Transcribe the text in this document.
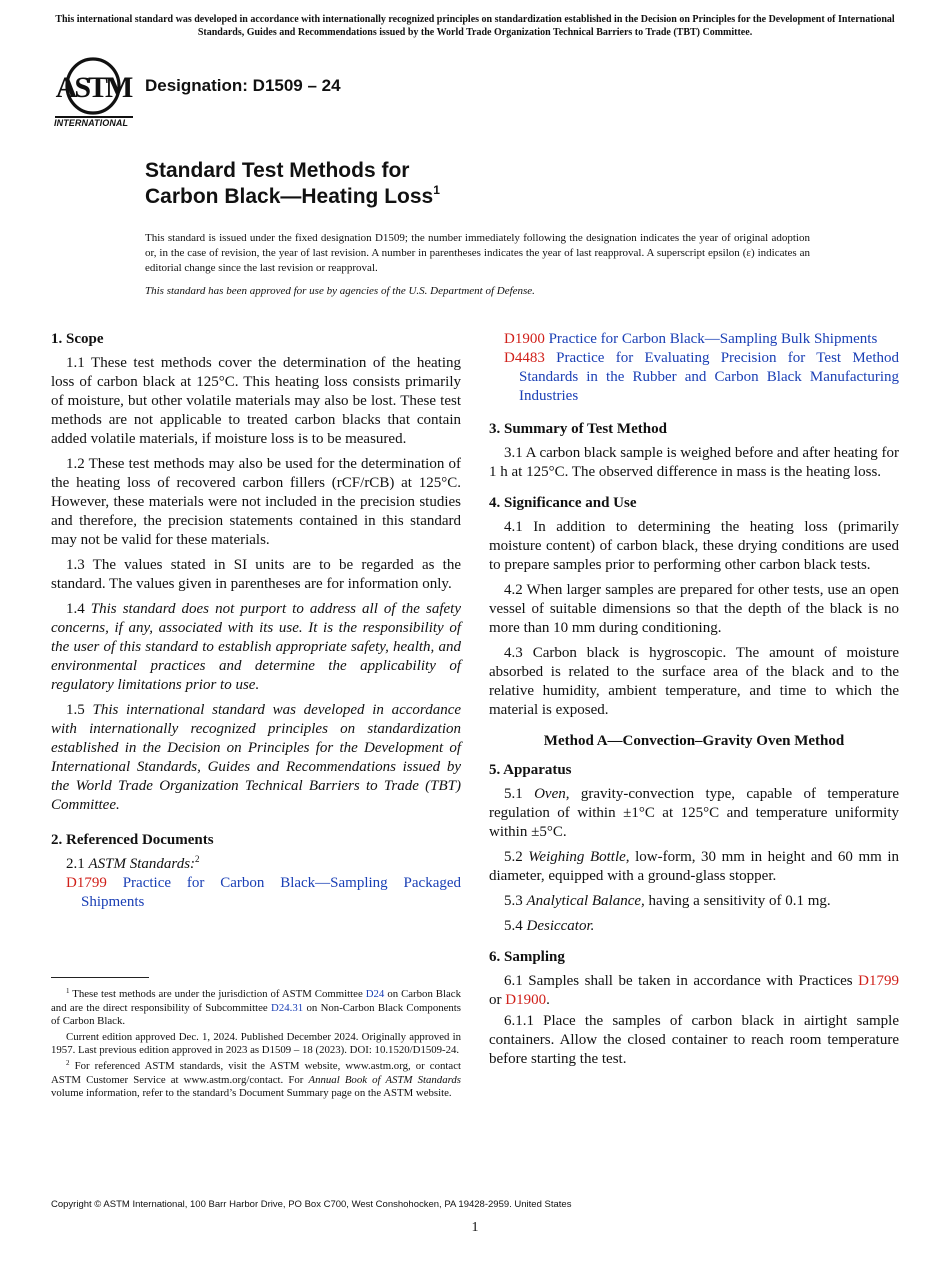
This international standard was developed in accordance with internationally recognized principles on standardization established in the Decision on Principles for the Development of International Standards, Guides and Recommendations issued by the World Trade Organization Technical Barriers to Trade (TBT) Committee.
ASTM
INTERNATIONAL
Designation: D1509 – 24
Standard Test Methods for
Carbon Black—Heating Loss$^1$
This standard is issued under the fixed designation D1509; the number immediately following the designation indicates the year of original adoption or, in the case of revision, the year of last revision. A number in parentheses indicates the year of last reapproval. A superscript epsilon (ε) indicates an editorial change since the last revision or reapproval.
This standard has been approved for use by agencies of the U.S. Department of Defense.
1. Scope

1.1 These test methods cover the determination of the heating loss of carbon black at 125°C. This heating loss consists primarily of moisture, but other volatile materials may also be lost. These test methods are not applicable to treated carbon blacks that contain added volatile materials, if moisture loss is to be measured.

1.2 These test methods may also be used for the determination of the heating loss of recovered carbon fillers (rCF/rCB) at 125°C. However, these materials were not included in the precision studies and therefore, the precision statements contained in this standard may not be valid for these materials.

1.3 The values stated in SI units are to be regarded as the standard. The values given in parentheses are for information only.

1.4 This standard does not purport to address all of the safety concerns, if any, associated with its use. It is the responsibility of the user of this standard to establish appropriate safety, health, and environmental practices and determine the applicability of regulatory limitations prior to use.

1.5 This international standard was developed in accordance with internationally recognized principles on standardization established in the Decision on Principles for the Development of International Standards, Guides and Recommendations issued by the World Trade Organization Technical Barriers to Trade (TBT) Committee.

2. Referenced Documents

2.1 ASTM Standards:$^2$

D1799 Practice for Carbon Black—Sampling Packaged Shipments
D1900 Practice for Carbon Black—Sampling Bulk Shipments
D4483 Practice for Evaluating Precision for Test Method Standards in the Rubber and Carbon Black Manufacturing Industries
3. Summary of Test Method

3.1 A carbon black sample is weighed before and after heating for 1 h at 125°C. The observed difference in mass is the heating loss.

4. Significance and Use

4.1 In addition to determining the heating loss (primarily moisture content) of carbon black, these drying conditions are used to prepare samples prior to performing other carbon black tests.

4.2 When larger samples are prepared for other tests, use an open vessel of suitable dimensions so that the depth of the black is no more than 10 mm during conditioning.

4.3 Carbon black is hygroscopic. The amount of moisture absorbed is related to the surface area of the black and to the relative humidity, ambient temperature, and time to which the material is exposed.

Method A—Convection–Gravity Oven Method
5. Apparatus

5.1 Oven, gravity-convection type, capable of temperature regulation of within ±1°C at 125°C and temperature uniformity within ±5°C.

5.2 Weighing Bottle, low-form, 30 mm in height and 60 mm in diameter, equipped with a ground-glass stopper.

5.3 Analytical Balance, having a sensitivity of 0.1 mg.

5.4 Desiccator.

6. Sampling

6.1 Samples shall be taken in accordance with Practices D1799 or D1900.

6.1.1 Place the samples of carbon black in airtight sample containers. Allow the closed container to reach room temperature before starting the test.

$^1$ These test methods are under the jurisdiction of ASTM Committee D24 on Carbon Black and are the direct responsibility of Subcommittee D24.31 on Non-Carbon Black Components of Carbon Black.

Current edition approved Dec. 1, 2024. Published December 2024. Originally approved in 1957. Last previous edition approved in 2023 as D1509 – 18 (2023). DOI: 10.1520/D1509-24.

$^2$ For referenced ASTM standards, visit the ASTM website, www.astm.org, or contact ASTM Customer Service at www.astm.org/contact. For Annual Book of ASTM Standards volume information, refer to the standard’s Document Summary page on the ASTM website.

Copyright © ASTM International, 100 Barr Harbor Drive, PO Box C700, West Conshohocken, PA 19428-2959. United States
1
